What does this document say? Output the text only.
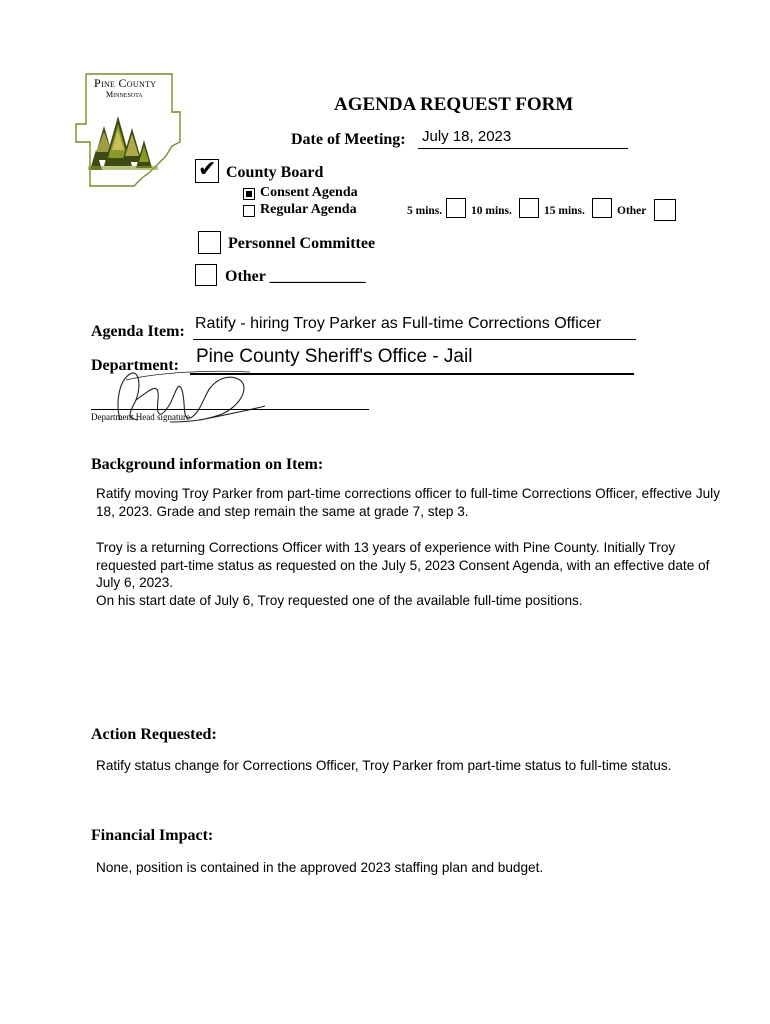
Pine County
Minnesota	AGENDA REQUEST FORM
Date of Meeting: July 18, 2023
✔ County Board
Consent Agenda
Regular Agenda	5 mins.	10 mins.	15 mins.	Other
Personnel Committee
Other ____________
Agenda Item: Ratify - hiring Troy Parker as Full-time Corrections Officer
Department: Pine County Sheriff's Office - Jail
Department Head signature
Background information on Item:
Ratify moving Troy Parker from part-time corrections officer to full-time Corrections Officer, effective July 18, 2023. Grade and step remain the same at grade 7, step 3.
Troy is a returning Corrections Officer with 13 years of experience with Pine County. Initially Troy requested part-time status as requested on the July 5, 2023 Consent Agenda, with an effective date of July 6, 2023.
On his start date of July 6, Troy requested one of the available full-time positions.
Action Requested:
Ratify status change for Corrections Officer, Troy Parker from part-time status to full-time status.
Financial Impact:
None, position is contained in the approved 2023 staffing plan and budget.
